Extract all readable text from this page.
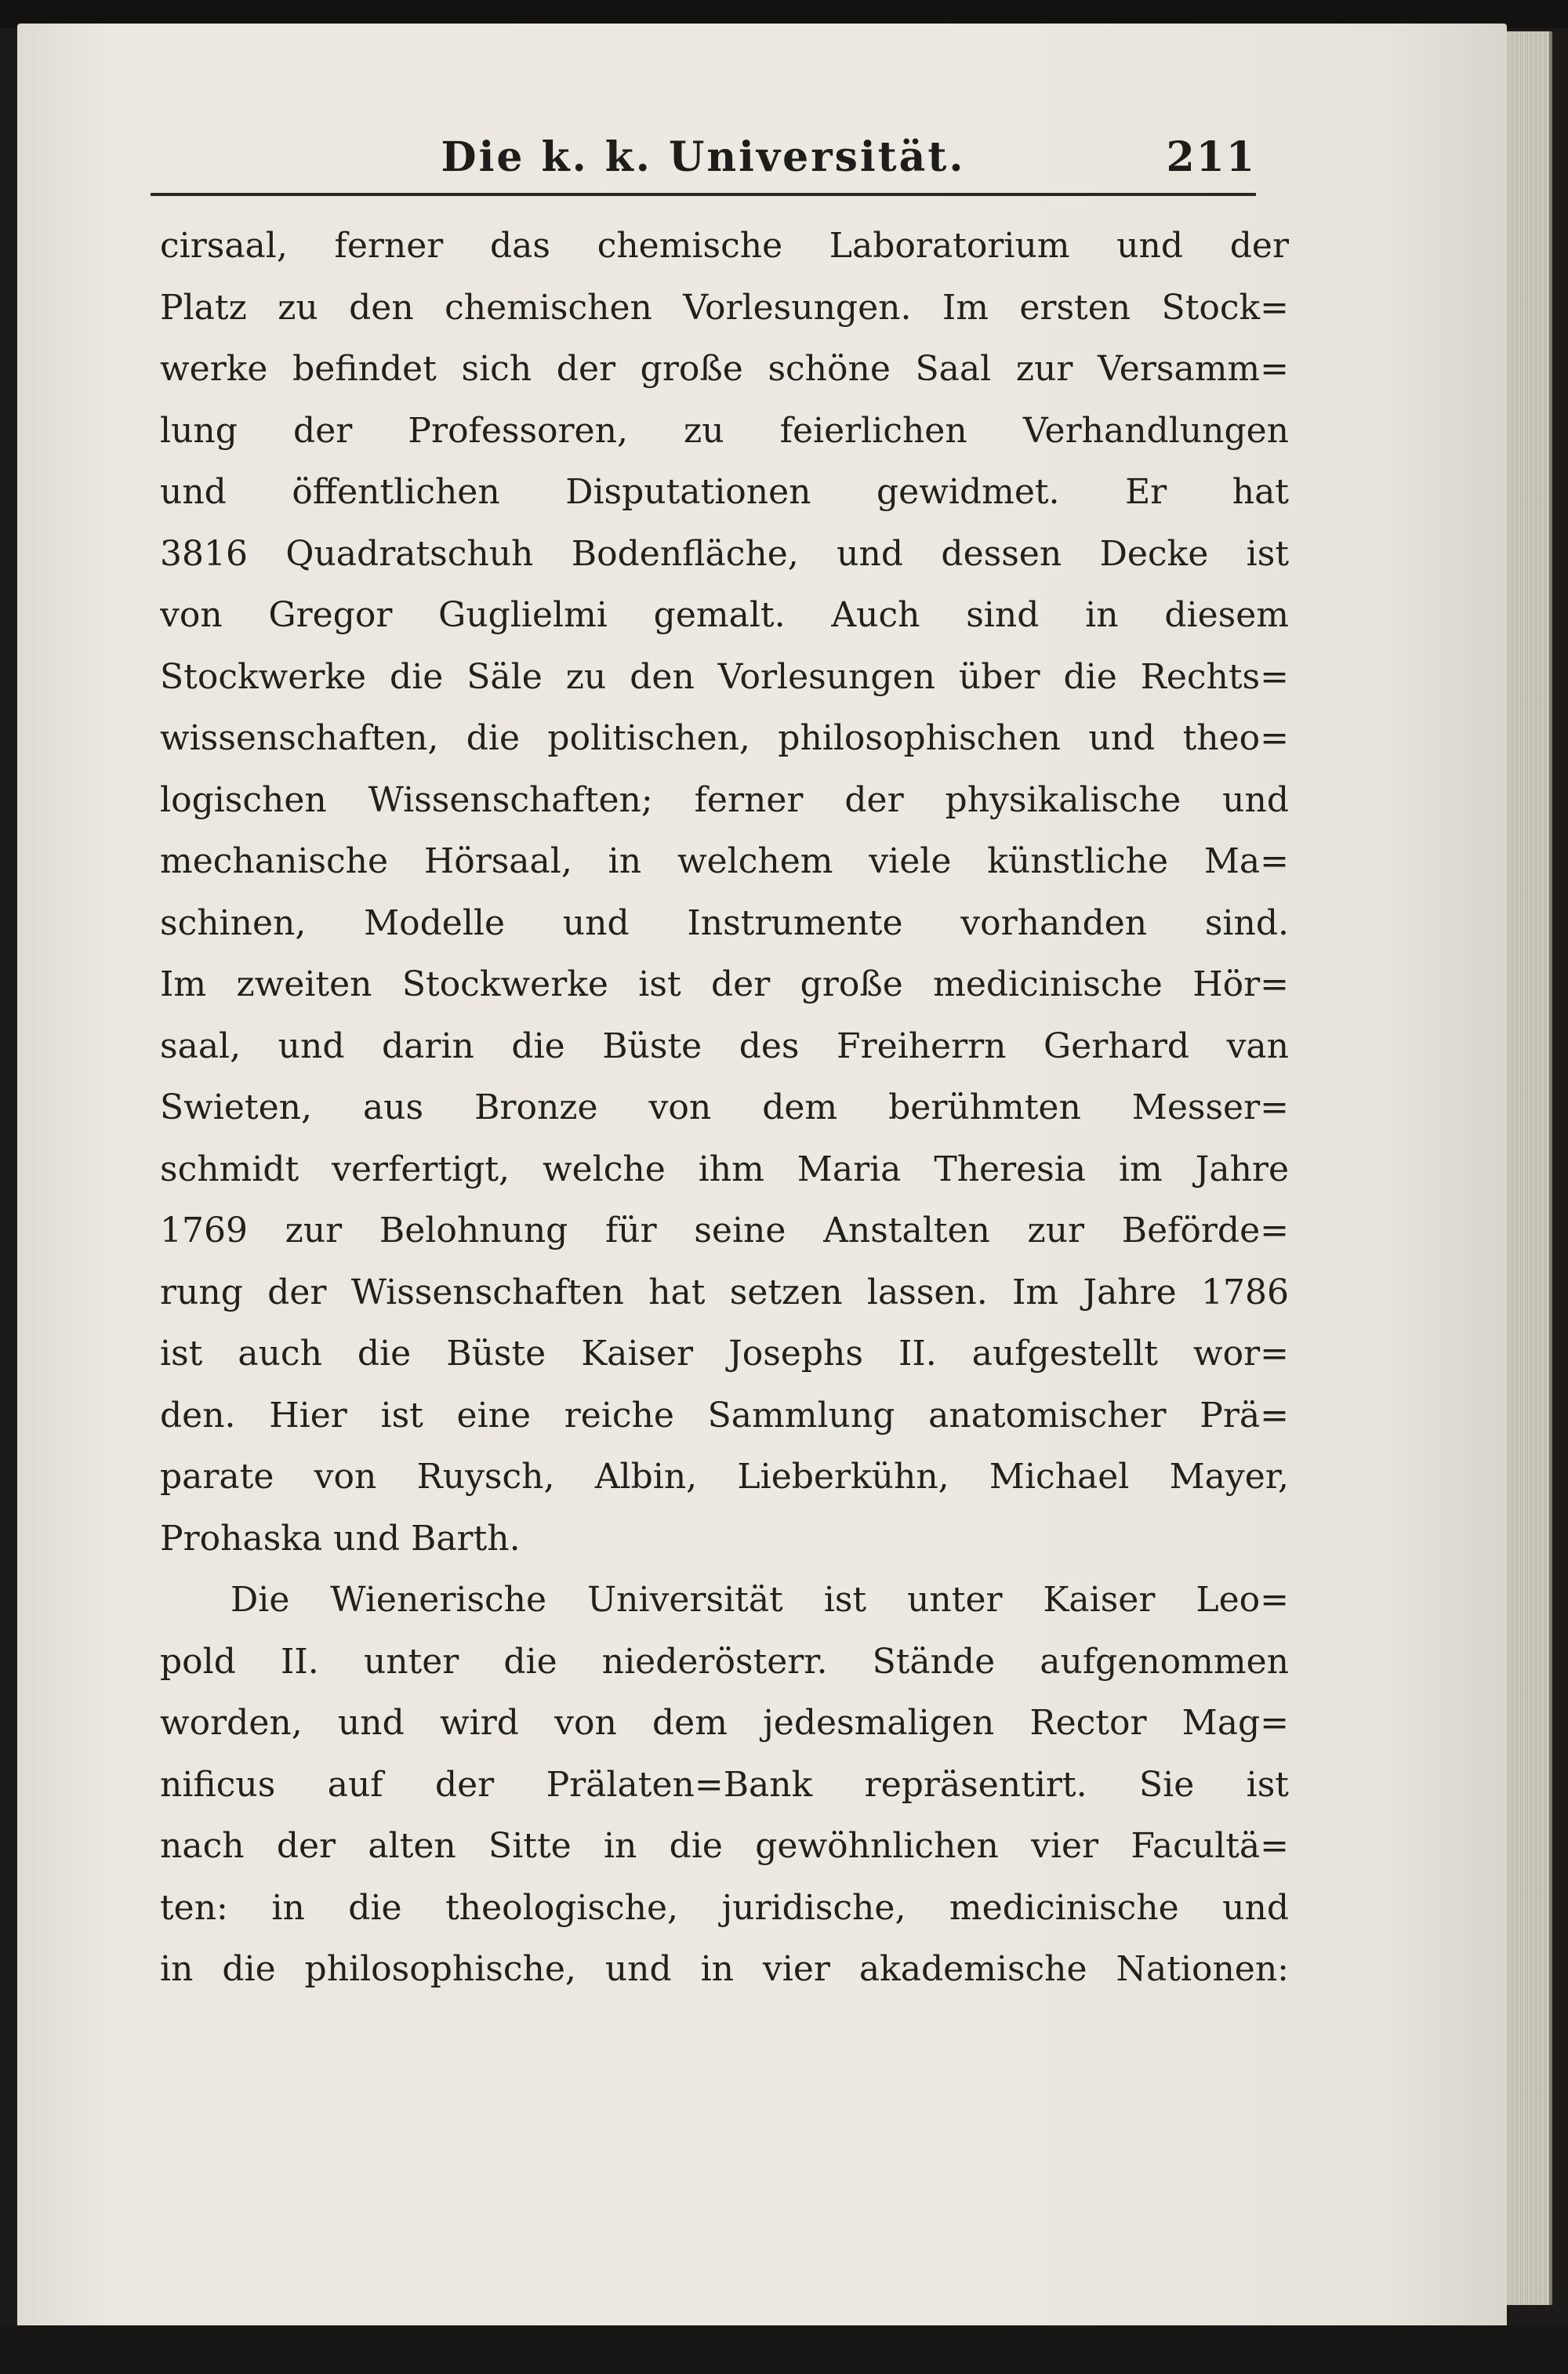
Die k. k. Universität.	211
cirsaal, ferner das chemische Laboratorium und der
Platz zu den chemischen Vorlesungen. Im ersten Stock=
werke befindet sich der große schöne Saal zur Versamm=
lung der Professoren, zu feierlichen Verhandlungen
und öffentlichen Disputationen gewidmet. Er hat
3816 Quadratschuh Bodenfläche, und dessen Decke ist
von Gregor Guglielmi gemalt. Auch sind in diesem
Stockwerke die Säle zu den Vorlesungen über die Rechts=
wissenschaften, die politischen, philosophischen und theo=
logischen Wissenschaften; ferner der physikalische und
mechanische Hörsaal, in welchem viele künstliche Ma=
schinen, Modelle und Instrumente vorhanden sind.
Im zweiten Stockwerke ist der große medicinische Hör=
saal, und darin die Büste des Freiherrn Gerhard van
Swieten, aus Bronze von dem berühmten Messer=
schmidt verfertigt, welche ihm Maria Theresia im Jahre
1769 zur Belohnung für seine Anstalten zur Beförde=
rung der Wissenschaften hat setzen lassen. Im Jahre 1786
ist auch die Büste Kaiser Josephs II. aufgestellt wor=
den. Hier ist eine reiche Sammlung anatomischer Prä=
parate von Ruysch, Albin, Lieberkühn, Michael Mayer,
Prohaska und Barth.
Die Wienerische Universität ist unter Kaiser Leo=
pold II. unter die niederösterr. Stände aufgenommen
worden, und wird von dem jedesmaligen Rector Mag=
nificus auf der Prälaten=Bank repräsentirt. Sie ist
nach der alten Sitte in die gewöhnlichen vier Facultä=
ten: in die theologische, juridische, medicinische und
in die philosophische, und in vier akademische Nationen:
